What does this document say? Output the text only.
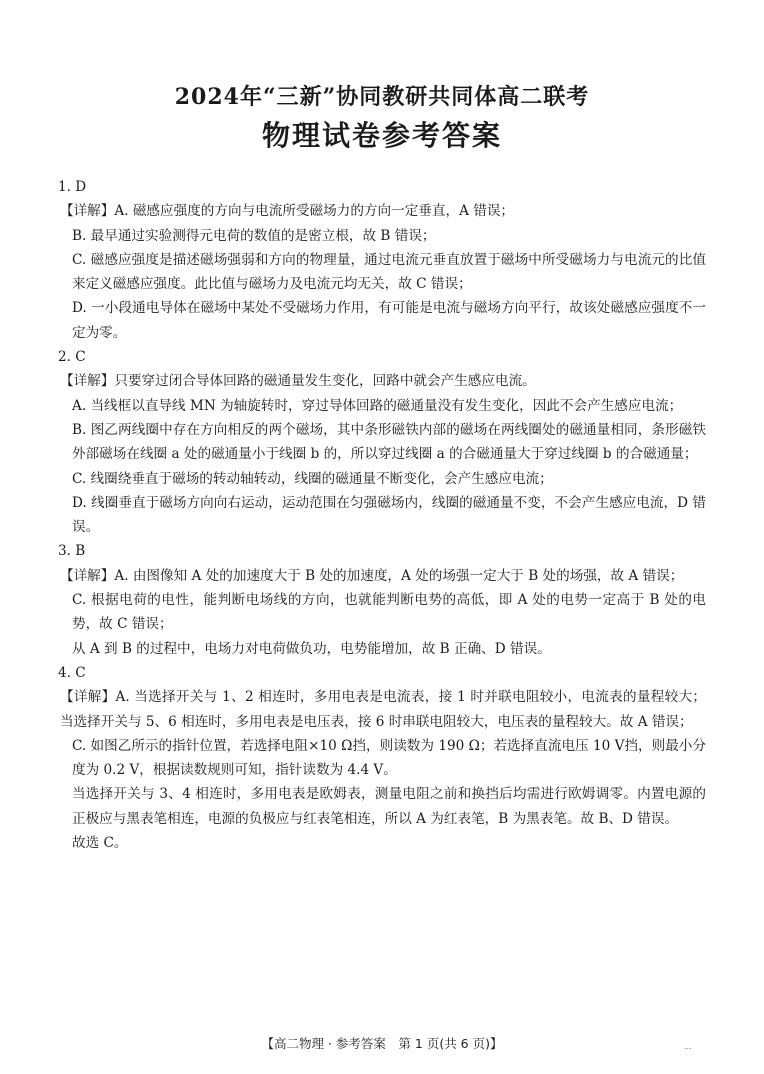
2024年“三新”协同教研共同体高二联考
物理试卷参考答案
1. D
【详解】A. 磁感应强度的方向与电流所受磁场力的方向一定垂直，A 错误；
B. 最早通过实验测得元电荷的数值的是密立根，故 B 错误；
C. 磁感应强度是描述磁场强弱和方向的物理量，通过电流元垂直放置于磁场中所受磁场力与电流元的比值来定义磁感应强度。此比值与磁场力及电流元均无关，故 C 错误；
D. 一小段通电导体在磁场中某处不受磁场力作用，有可能是电流与磁场方向平行，故该处磁感应强度不一定为零。
2. C
【详解】只要穿过闭合导体回路的磁通量发生变化，回路中就会产生感应电流。
A. 当线框以直导线 MN 为轴旋转时，穿过导体回路的磁通量没有发生变化，因此不会产生感应电流；
B. 图乙两线圈中存在方向相反的两个磁场，其中条形磁铁内部的磁场在两线圈处的磁通量相同，条形磁铁外部磁场在线圈 a 处的磁通量小于线圈 b 的，所以穿过线圈 a 的合磁通量大于穿过线圈 b 的合磁通量；
C. 线圈绕垂直于磁场的转动轴转动，线圈的磁通量不断变化，会产生感应电流；
D. 线圈垂直于磁场方向向右运动，运动范围在匀强磁场内，线圈的磁通量不变，不会产生感应电流，D 错误。
3. B
【详解】A. 由图像知 A 处的加速度大于 B 处的加速度，A 处的场强一定大于 B 处的场强，故 A 错误；
C. 根据电荷的电性，能判断电场线的方向，也就能判断电势的高低，即 A 处的电势一定高于 B 处的电势，故 C 错误；
从 A 到 B 的过程中，电场力对电荷做负功，电势能增加，故 B 正确、D 错误。
4. C
【详解】A. 当选择开关与 1、2 相连时，多用电表是电流表，接 1 时并联电阻较小，电流表的量程较大；当选择开关与 5、6 相连时，多用电表是电压表，接 6 时串联电阻较大，电压表的量程较大。故 A 错误；
C. 如图乙所示的指针位置，若选择电阻×10 Ω挡，则读数为 190 Ω；若选择直流电压 10 V挡，则最小分度为 0.2 V，根据读数规则可知，指针读数为 4.4 V。
当选择开关与 3、4 相连时，多用电表是欧姆表，测量电阻之前和换挡后均需进行欧姆调零。内置电源的正极应与黑表笔相连，电源的负极应与红表笔相连，所以 A 为红表笔，B 为黑表笔。故 B、D 错误。
故选 C。
【高二物理 · 参考答案　第 1 页(共 6 页)】	...
